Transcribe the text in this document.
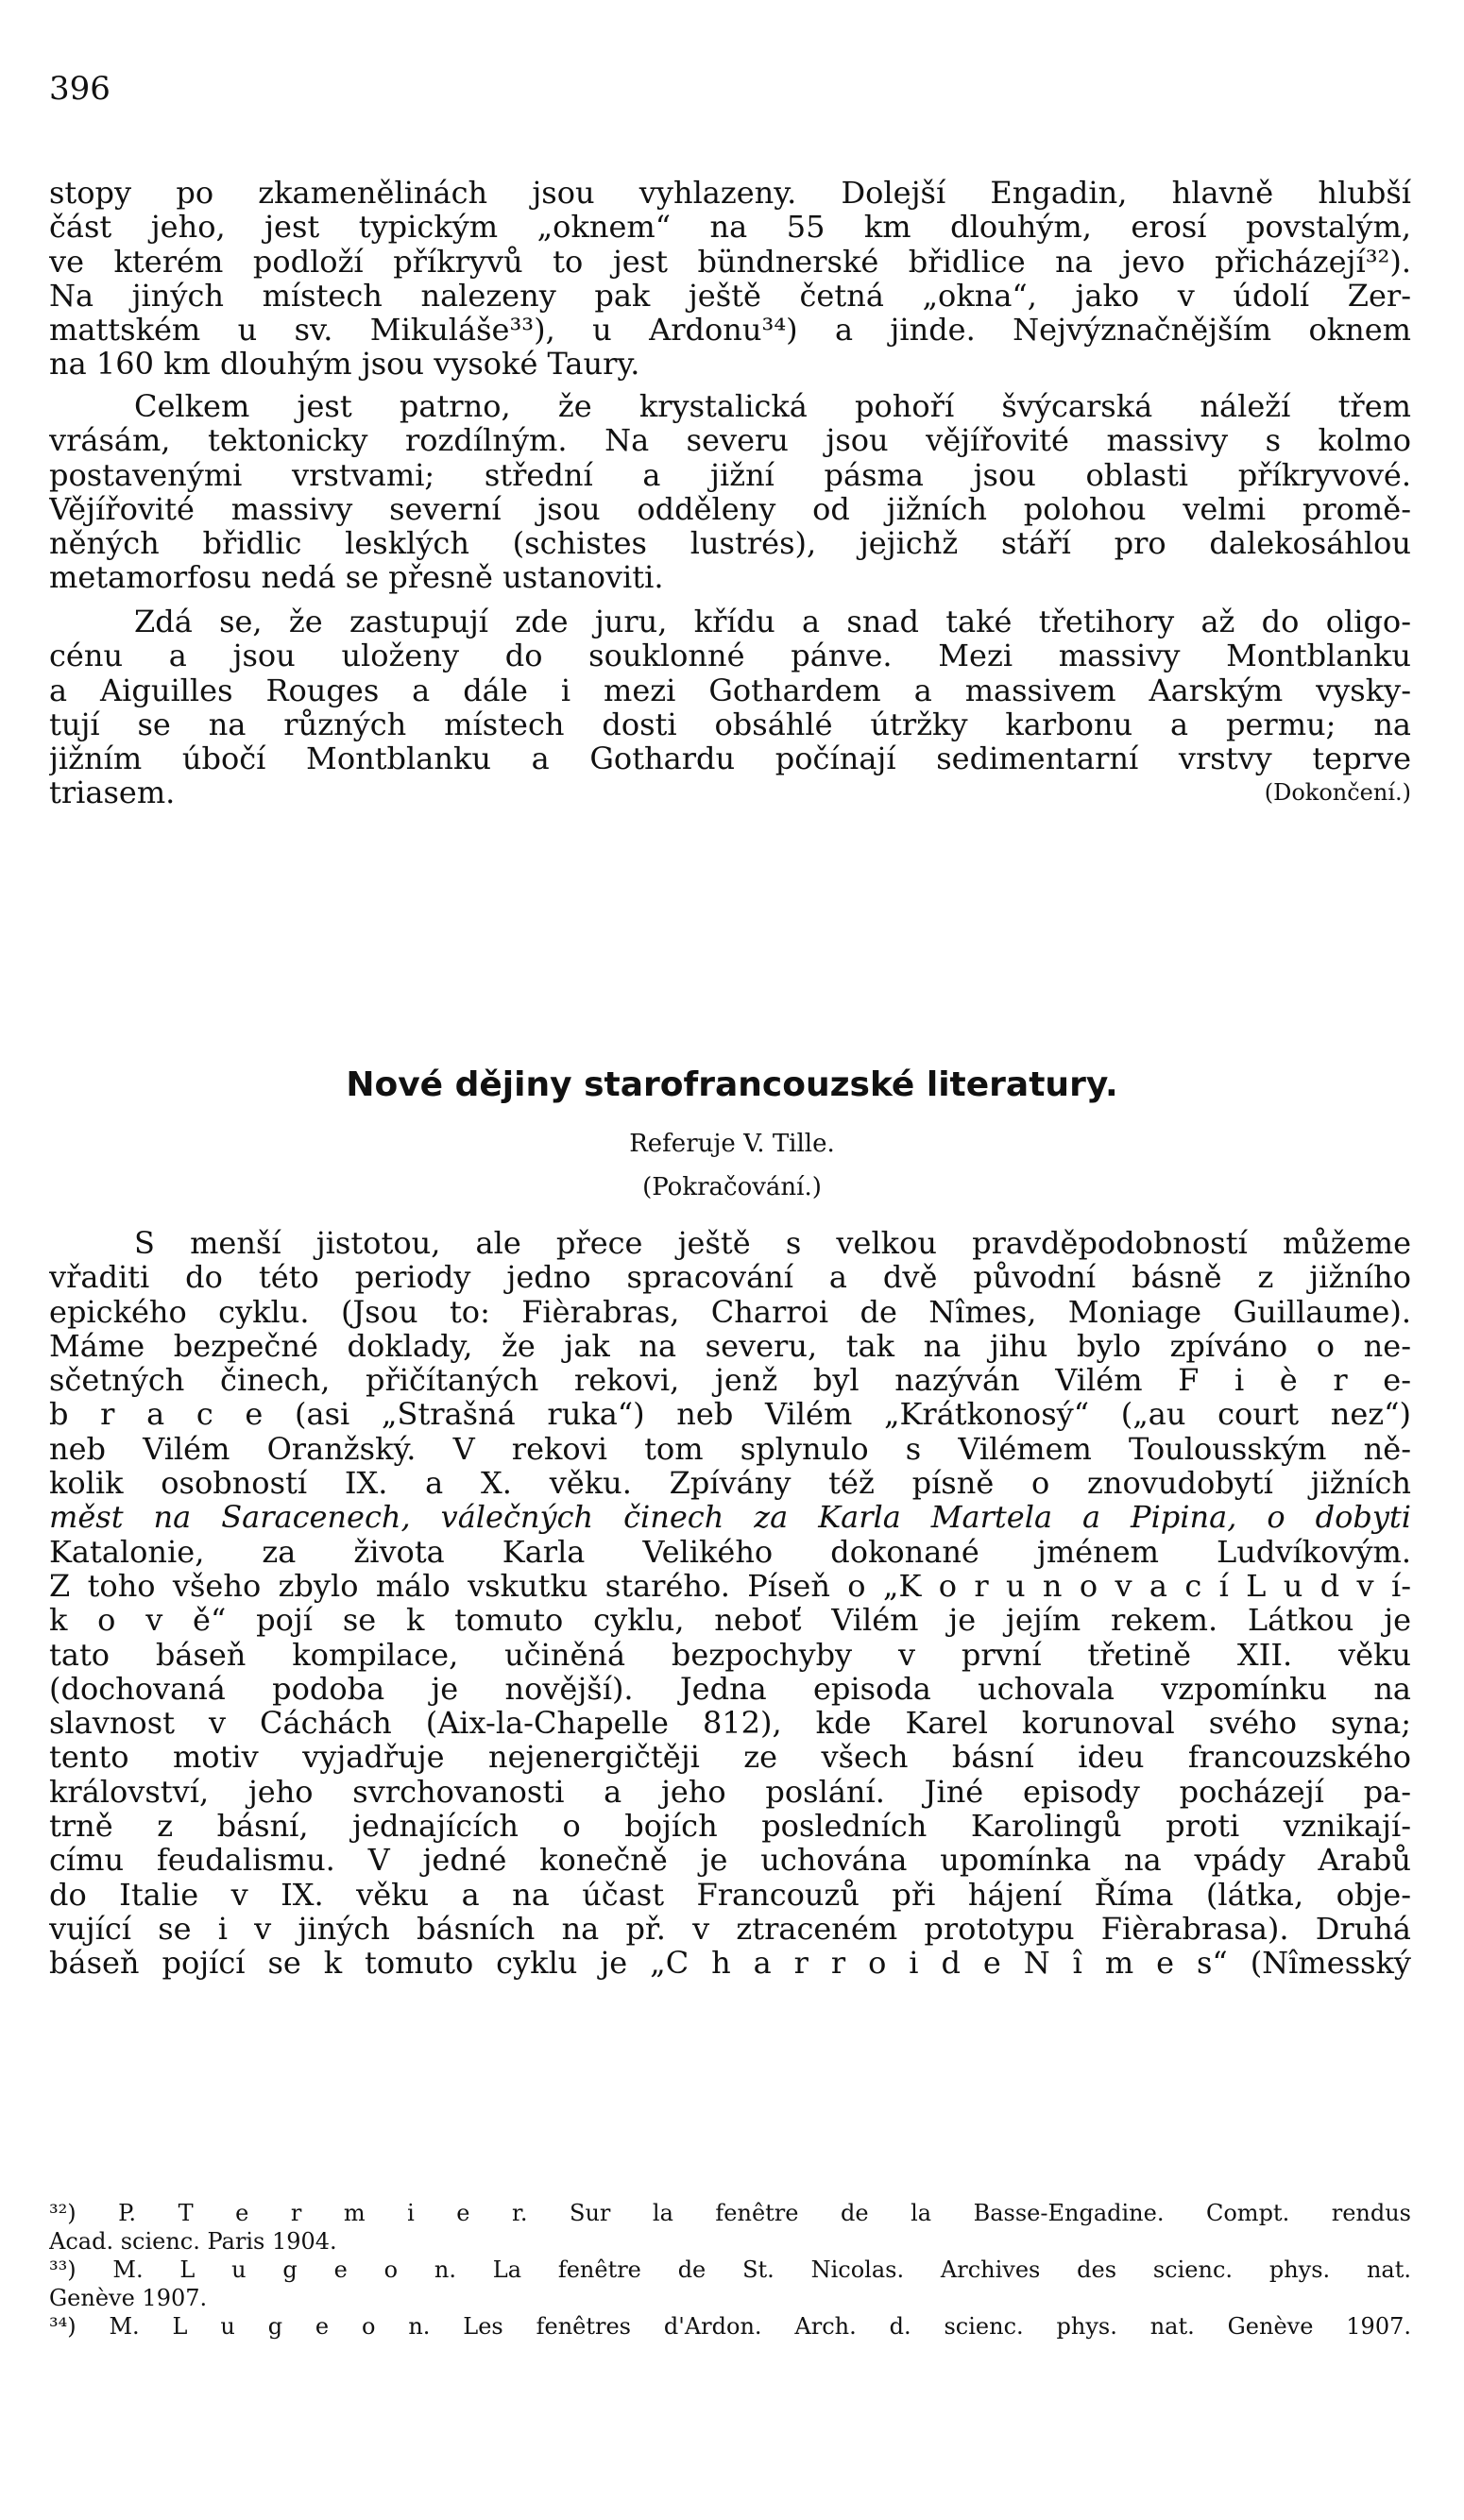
396
stopy po zkamenělinách jsou vyhlazeny. Dolejší Engadin, hlavně hlubší
část jeho, jest typickým „oknem“ na 55 km dlouhým, erosí povstalým,
ve kterém podloží příkryvů to jest bündnerské břidlice na jevo přicházejí³²).
Na jiných místech nalezeny pak ještě četná „okna“, jako v údolí Zer-
mattském u sv. Mikuláše³³), u Ardonu³⁴) a jinde. Nejvýznačnějším oknem
na 160 km dlouhým jsou vysoké Taury.
Celkem jest patrno, že krystalická pohoří švýcarská náleží třem
vrásám, tektonicky rozdílným. Na severu jsou vějířovité massivy s kolmo
postavenými vrstvami; střední a jižní pásma jsou oblasti příkryvové.
Vějířovité massivy severní jsou odděleny od jižních polohou velmi promě-
něných břidlic lesklých (schistes lustrés), jejichž stáří pro dalekosáhlou
metamorfosu nedá se přesně ustanoviti.
Zdá se, že zastupují zde juru, křídu a snad také třetihory až do oligo-
cénu a jsou uloženy do souklonné pánve. Mezi massivy Montblanku
a Aiguilles Rouges a dále i mezi Gothardem a massivem Aarským vysky-
tují se na různých místech dosti obsáhlé útržky karbonu a permu; na
jižním úbočí Montblanku a Gothardu počínají sedimentarní vrstvy teprve
triasem.	(Dokončení.)
Nové dějiny starofrancouzské literatury.
Referuje V. Tille.
(Pokračování.)
S menší jistotou, ale přece ještě s velkou pravděpodobností můžeme
vřaditi do této periody jedno spracování a dvě původní básně z jižního
epického cyklu. (Jsou to: Fièrabras, Charroi de Nîmes, Moniage Guillaume).
Máme bezpečné doklady, že jak na severu, tak na jihu bylo zpíváno o ne-
sčetných činech, přičítaných rekovi, jenž byl nazýván Vilém F i è r e-
b r a c e (asi „Strašná ruka“) neb Vilém „Krátkonosý“ („au court nez“)
neb Vilém Oranžský. V rekovi tom splynulo s Vilémem Toulousským ně-
kolik osobností IX. a X. věku. Zpívány též písně o znovudobytí jižních
měst na Saracenech, válečných činech za Karla Martela a Pipina, o dobyti
Katalonie, za života Karla Velikého dokonané jménem Ludvíkovým.
Z toho všeho zbylo málo vskutku starého. Píseň o „K o r u n o v a c í L u d v í-
k o v ě“ pojí se k tomuto cyklu, neboť Vilém je jejím rekem. Látkou je
tato báseň kompilace, učiněná bezpochyby v první třetině XII. věku
(dochovaná podoba je novější). Jedna episoda uchovala vzpomínku na
slavnost v Cáchách (Aix-la-Chapelle 812), kde Karel korunoval svého syna;
tento motiv vyjadřuje nejenergičtěji ze všech básní ideu francouzského
království, jeho svrchovanosti a jeho poslání. Jiné episody pocházejí pa-
trně z básní, jednajících o bojích posledních Karolingů proti vznikají-
címu feudalismu. V jedné konečně je uchována upomínka na vpády Arabů
do Italie v IX. věku a na účast Francouzů při hájení Říma (látka, obje-
vující se i v jiných básních na př. v ztraceném prototypu Fièrabrasa). Druhá
báseň pojící se k tomuto cyklu je „C h a r r o i d e N î m e s“ (Nîmesský
³²) P. T e r m i e r. Sur la fenêtre de la Basse-Engadine. Compt. rendus
Acad. scienc. Paris 1904.
³³) M. L u g e o n. La fenêtre de St. Nicolas. Archives des scienc. phys. nat.
Genève 1907.
³⁴) M. L u g e o n. Les fenêtres d'Ardon. Arch. d. scienc. phys. nat. Genève 1907.
